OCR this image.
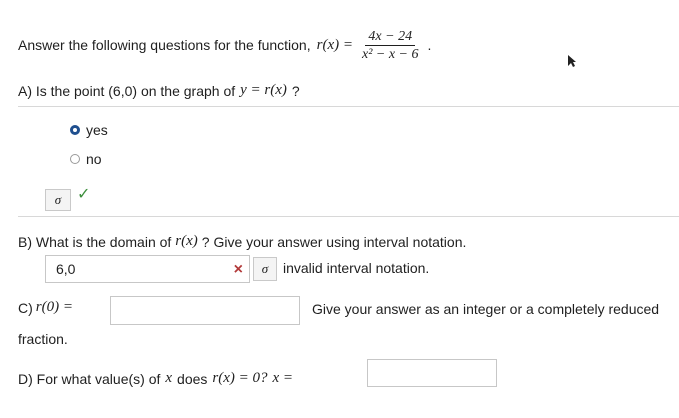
Answer the following questions for the function, $r(x) = \frac{4x - 24}{\text{x² − x − 6}}$ .
A) Is the point (6,0) on the graph of y = r(x) ?
yes
no
σ ✓
B) What is the domain of r(x) ? Give your answer using interval notation.
6,0	× σ invalid interval notation.
C) r(0) =	Give your answer as an integer or a completely reduced
fraction.
D) For what value(s) of x does r(x) = 0? x =
